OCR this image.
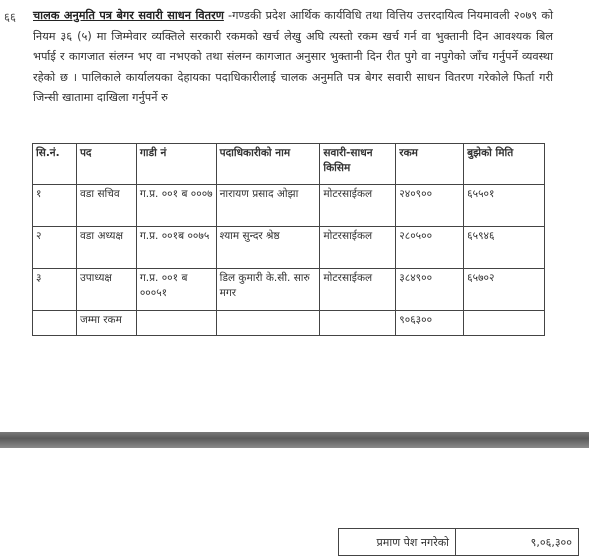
६६ चालक अनुमति पत्र बेगर सवारी साधन वितरण -गण्डकी प्रदेश आर्थिक कार्यविधि तथा वित्तिय उत्तरदायित्व नियमावली २०७९ को नियम ३६ (५) मा जिम्मेवार व्यक्तिले सरकारी रकमको खर्च लेखु अघि त्यस्तो रकम खर्च गर्न वा भुक्तानी दिन आवश्यक बिल भर्पाई र कागजात संलग्न भए वा नभएको तथा संलग्न कागजात अनुसार भुक्तानी दिन रीत पुगे वा नपुगेको जाँच गर्नुपर्ने व्यवस्था रहेको छ । पालिकाले कार्यालयका देहायका पदाधिकारीलाई चालक अनुमति पत्र बेगर सवारी साधन वितरण गरेकोले फिर्ता गरी जिन्सी खातामा दाखिला गर्नुपर्ने रु
सि.नं.	पद	गाडी नं	पदाधिकारीको नाम	सवारी-साधन किसिम	रकम	बुझेको मिति
१	वडा सचिव	ग.प्र. ००१ ब ०००७	नारायण प्रसाद ओझा	मोटरसाईकल	२४०९००	६५५०१
२	वडा अध्यक्ष	ग.प्र. ००१ब ००७५	श्याम सुन्दर श्रेष्ठ	मोटरसाईकल	२८०५००	६५९४६
३	उपाध्यक्ष	ग.प्र. ००१ ब ०००५१	डिल कुमारी के.सी. सारु मगर	मोटरसाईकल	३८४९००	६५७०२
	जम्मा रकम				९०६३००	
प्रमाण पेश नगरेको	९,०६,३००
